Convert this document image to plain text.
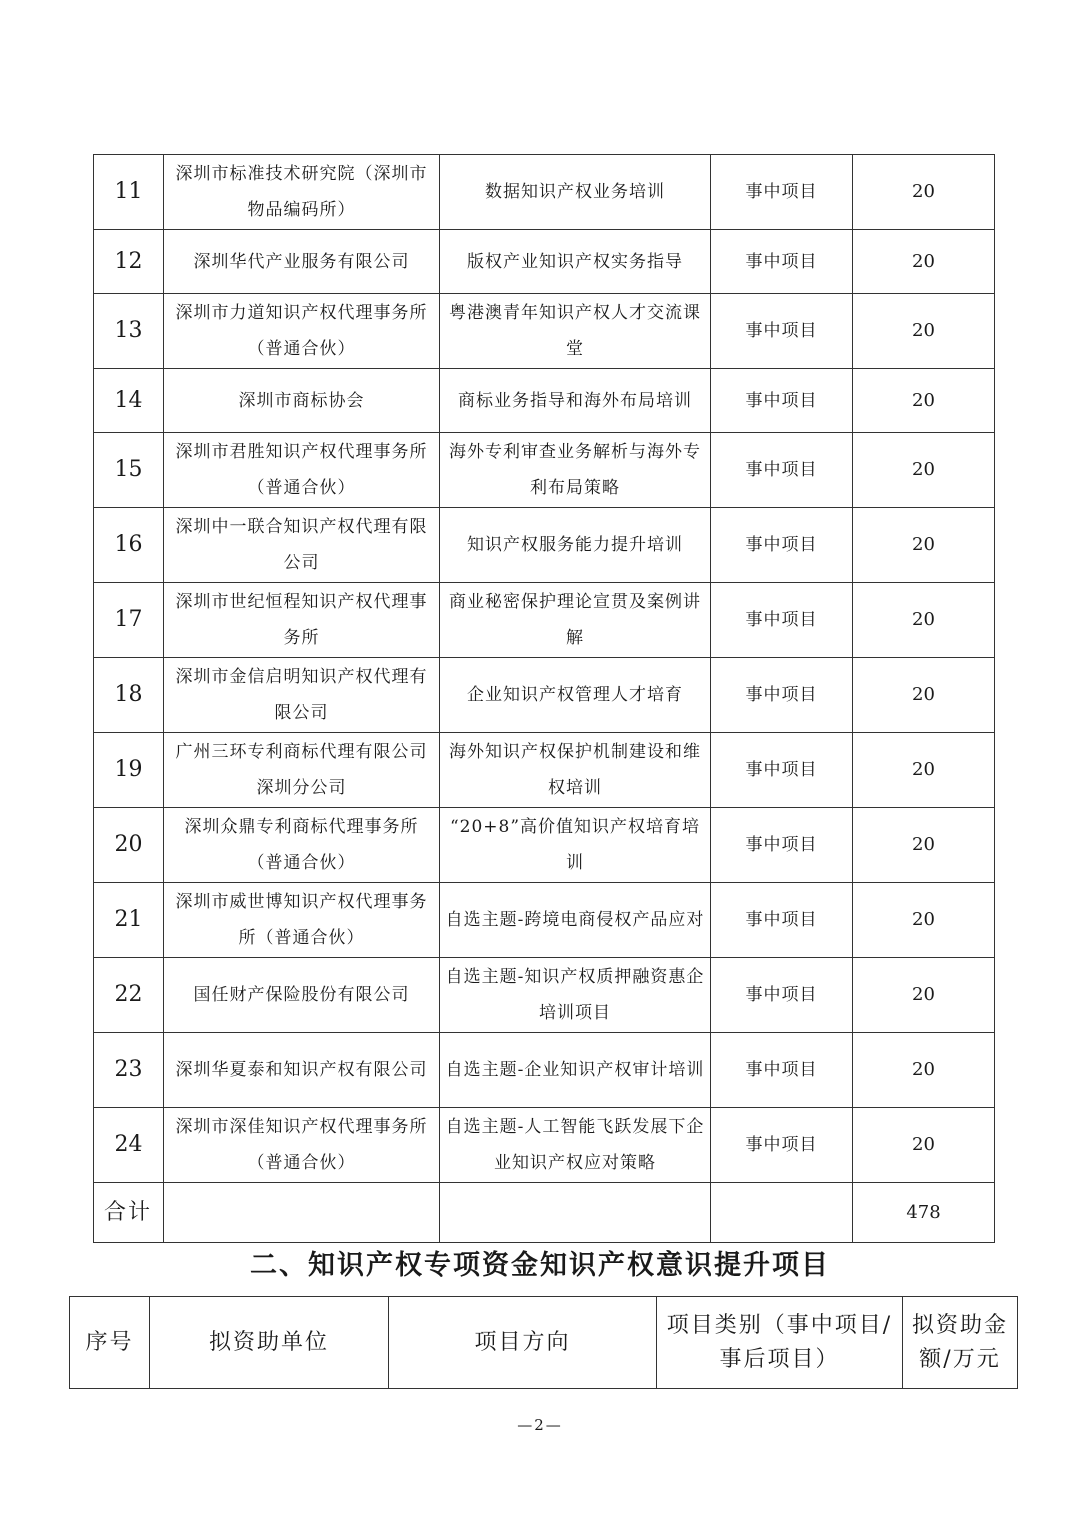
11	深圳市标准技术研究院（深圳市物品编码所）	数据知识产权业务培训	事中项目	20
12	深圳华代产业服务有限公司	版权产业知识产权实务指导	事中项目	20
13	深圳市力道知识产权代理事务所（普通合伙）	粤港澳青年知识产权人才交流课堂	事中项目	20
14	深圳市商标协会	商标业务指导和海外布局培训	事中项目	20
15	深圳市君胜知识产权代理事务所（普通合伙）	海外专利审查业务解析与海外专利布局策略	事中项目	20
16	深圳中一联合知识产权代理有限公司	知识产权服务能力提升培训	事中项目	20
17	深圳市世纪恒程知识产权代理事务所	商业秘密保护理论宣贯及案例讲解	事中项目	20
18	深圳市金信启明知识产权代理有限公司	企业知识产权管理人才培育	事中项目	20
19	广州三环专利商标代理有限公司深圳分公司	海外知识产权保护机制建设和维权培训	事中项目	20
20	深圳众鼎专利商标代理事务所（普通合伙）	“20+8”高价值知识产权培育培训	事中项目	20
21	深圳市威世博知识产权代理事务所（普通合伙）	自选主题-跨境电商侵权产品应对	事中项目	20
22	国任财产保险股份有限公司	自选主题-知识产权质押融资惠企培训项目	事中项目	20
23	深圳华夏泰和知识产权有限公司	自选主题-企业知识产权审计培训	事中项目	20
24	深圳市深佳知识产权代理事务所（普通合伙）	自选主题-人工智能飞跃发展下企业知识产权应对策略	事中项目	20
合计				478
二、知识产权专项资金知识产权意识提升项目
序号	拟资助单位	项目方向	项目类别（事中项目/事后项目）	拟资助金额/万元
—2—
